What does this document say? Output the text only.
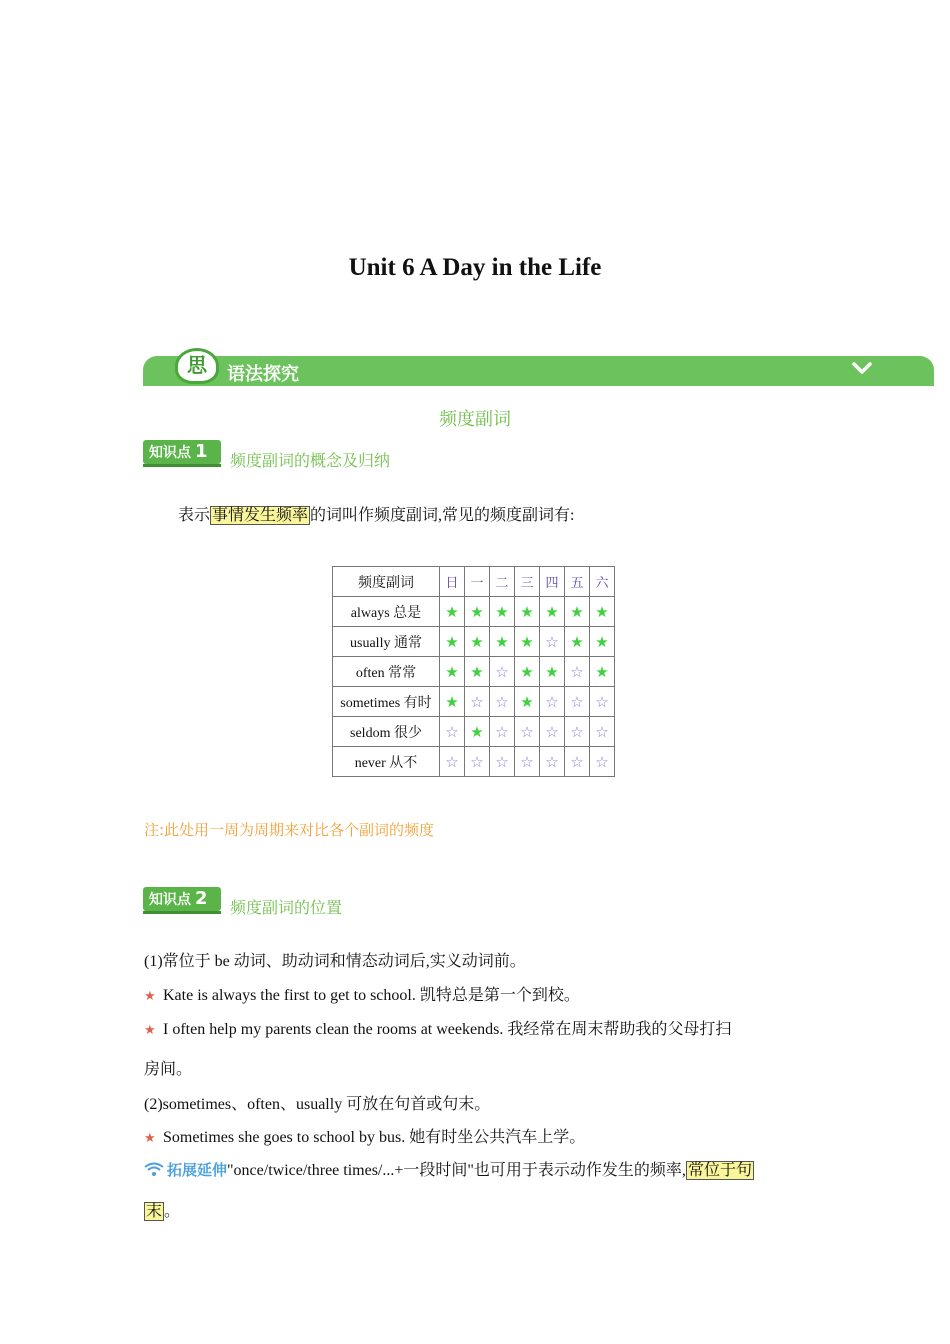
Unit 6 A Day in the Life
思	语法探究
频度副词
知识点 1	频度副词的概念及归纳
表示 事情发生频率 的词叫作频度副词,常见的频度副词有:
频度副词	日	一	二	三	四	五	六
always 总是	★	★	★	★	★	★	★
usually 通常	★	★	★	★	☆	★	★
often 常常	★	★	☆	★	★	☆	★
sometimes 有时	★	☆	☆	★	☆	☆	☆
seldom 很少	☆	★	☆	☆	☆	☆	☆
never 从不	☆	☆	☆	☆	☆	☆	☆
注:此处用一周为周期来对比各个副词的频度
知识点 2	频度副词的位置
(1)常位于 be 动词、助动词和情态动词后,实义动词前。
★ Kate is always the first to get to school. 凯特总是第一个到校。
★ I often help my parents clean the rooms at weekends. 我经常在周末帮助我的父母打扫
房间。
(2)sometimes、often、usually 可放在句首或句末。
★ Sometimes she goes to school by bus. 她有时坐公共汽车上学。
拓展延伸"once/twice/three times/...+一段时间"也可用于表示动作发生的频率, 常位于句
末 。
